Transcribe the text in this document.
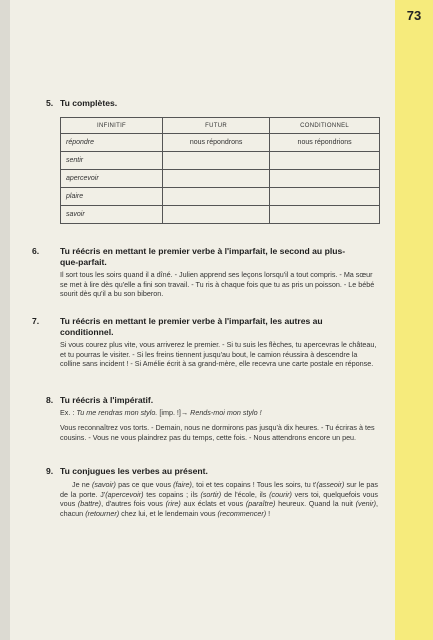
73
5. Tu complètes.
INFINITIF	FUTUR	CONDITIONNEL
répondre	nous répondrons	nous répondrions
sentir		
apercevoir		
plaire		
savoir		
6. Tu réécris en mettant le premier verbe à l'imparfait, le second au plus-
que-parfait.
Il sort tous les soirs quand il a dîné. - Julien apprend ses leçons lorsqu'il a tout compris. - Ma sœur se met à lire dès qu'elle a fini son travail. - Tu ris à chaque fois que tu as pris un poisson. - Le bébé sourit dès qu'il a bu son biberon.
7. Tu réécris en mettant le premier verbe à l'imparfait, les autres au
conditionnel.
Si vous courez plus vite, vous arriverez le premier. - Si tu suis les flèches, tu apercevras le château, et tu pourras le visiter. - Si les freins tiennent jusqu'au bout, le camion réussira à descendre la colline sans incident ! - Si Amélie écrit à sa grand-mère, elle recevra une carte postale en réponse.
8. Tu réécris à l'impératif.
Ex. : Tu me rendras mon stylo. [imp. !]→ Rends-moi mon stylo !
Vous reconnaîtrez vos torts. - Demain, nous ne dormirons pas jusqu'à dix heures. - Tu écriras à tes cousins. - Vous ne vous plaindrez pas du temps, cette fois. - Nous attendrons encore un peu.
9. Tu conjugues les verbes au présent.
Je ne (savoir) pas ce que vous (faire), toi et tes copains ! Tous les soirs, tu t'(asseoir) sur le pas de la porte. J'(apercevoir) tes copains ; ils (sortir) de l'école, ils (courir) vers toi, quelquefois vous vous (battre), d'autres fois vous (rire) aux éclats et vous (paraître) heureux. Quand la nuit (venir), chacun (retourner) chez lui, et le lendemain vous (recommencer) !
